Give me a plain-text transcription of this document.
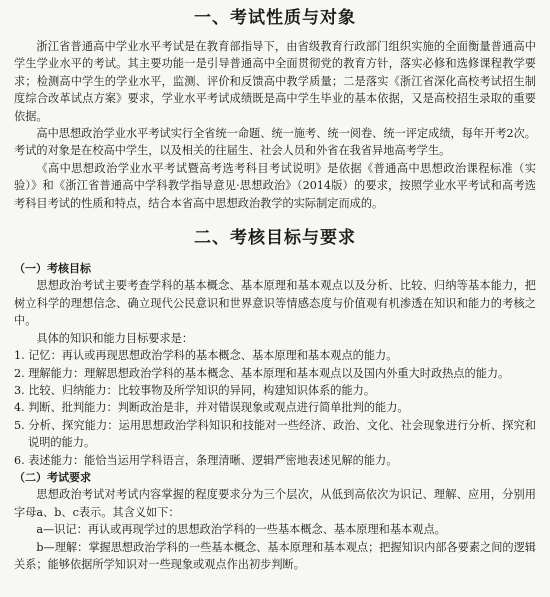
一、考试性质与对象

浙江省普通高中学业水平考试是在教育部指导下，由省级教育行政部门组织实施的全面衡量普通高中学生学业水平的考试。其主要功能一是引导普通高中全面贯彻党的教育方针，落实必修和选修课程教学要求；检测高中学生的学业水平，监测、评价和反馈高中教学质量；二是落实《浙江省深化高校考试招生制度综合改革试点方案》要求，学业水平考试成绩既是高中学生毕业的基本依据，又是高校招生录取的重要依据。

高中思想政治学业水平考试实行全省统一命题、统一施考、统一阅卷、统一评定成绩，每年开考2次。考试的对象是在校高中学生，以及相关的往届生、社会人员和外省在我省异地高考学生。

《高中思想政治学业水平考试暨高考选考科目考试说明》是依据《普通高中思想政治课程标准（实验）》和《浙江省普通高中学科教学指导意见·思想政治》（2014版）的要求，按照学业水平考试和高考选考科目考试的性质和特点，结合本省高中思想政治教学的实际制定而成的。

二、考核目标与要求

（一）考核目标

思想政治考试主要考查学科的基本概念、基本原理和基本观点以及分析、比较、归纳等基本能力，把树立科学的理想信念、确立现代公民意识和世界意识等情感态度与价值观有机渗透在知识和能力的考核之中。

具体的知识和能力目标要求是：

1. 记忆：再认或再现思想政治学科的基本概念、基本原理和基本观点的能力。

2. 理解能力：理解思想政治学科的基本概念、基本原理和基本观点以及国内外重大时政热点的能力。

3. 比较、归纳能力：比较事物及所学知识的异同，构建知识体系的能力。

4. 判断、批判能力：判断政治是非，并对错误现象或观点进行简单批判的能力。

5. 分析、探究能力：运用思想政治学科知识和技能对一些经济、政治、文化、社会现象进行分析、探究和说明的能力。

6. 表述能力：能恰当运用学科语言，条理清晰、逻辑严密地表述见解的能力。

（二）考试要求

思想政治考试对考试内容掌握的程度要求分为三个层次，从低到高依次为识记、理解、应用，分别用字母a、b、c表示。其含义如下：

a—识记：再认或再现学过的思想政治学科的一些基本概念、基本原理和基本观点。

b—理解：掌握思想政治学科的一些基本概念、基本原理和基本观点；把握知识内部各要素之间的逻辑关系；能够依据所学知识对一些现象或观点作出初步判断。
